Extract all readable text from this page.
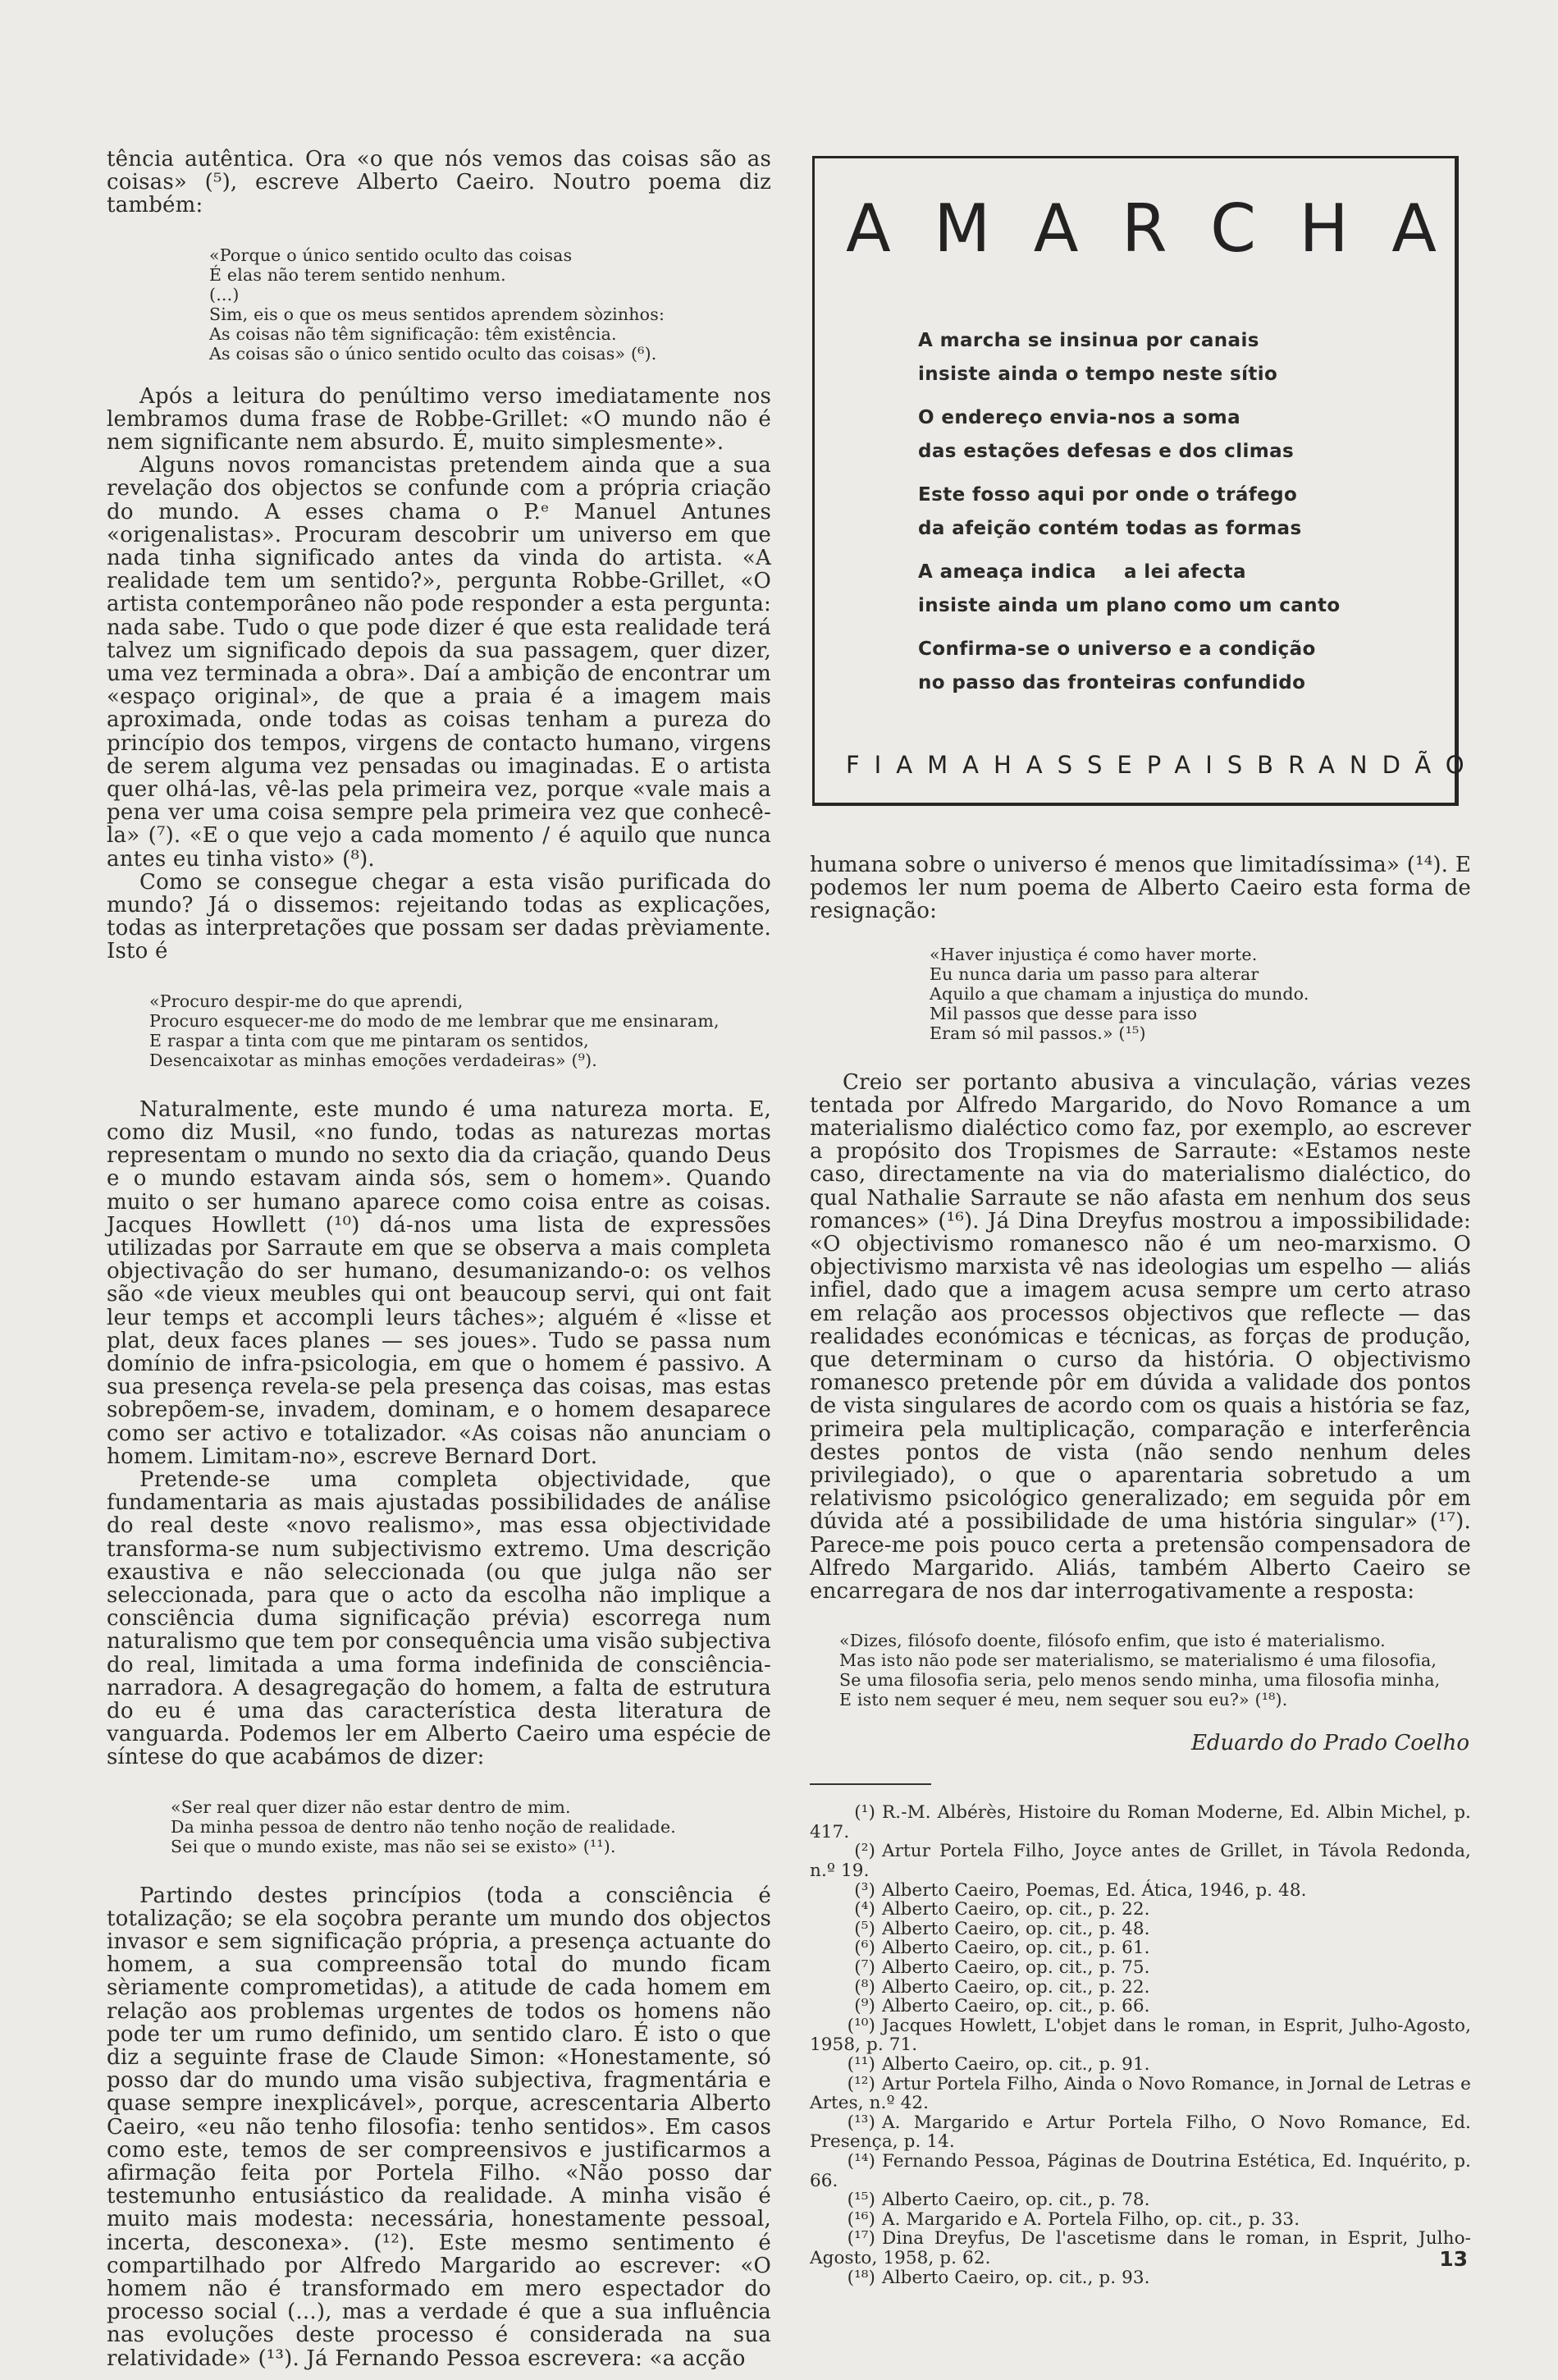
tência autêntica. Ora «o que nós vemos das coisas são as coisas» (⁵), escreve Alberto Caeiro. Noutro poema diz também:

«Porque o único sentido oculto das coisas
É elas não terem sentido nenhum.
(...)
Sim, eis o que os meus sentidos aprendem sòzinhos:
As coisas não têm significação: têm existência.
As coisas são o único sentido oculto das coisas» (⁶).

Após a leitura do penúltimo verso imediatamente nos lembramos duma frase de Robbe-Grillet: «O mundo não é nem significante nem absurdo. É, muito simplesmente».

Alguns novos romancistas pretendem ainda que a sua revelação dos objectos se confunde com a própria criação do mundo. A esses chama o P.ᵉ Manuel Antunes «origenalistas». Procuram descobrir um universo em que nada tinha significado antes da vinda do artista. «A realidade tem um sentido?», pergunta Robbe-Grillet, «O artista contemporâneo não pode responder a esta pergunta: nada sabe. Tudo o que pode dizer é que esta realidade terá talvez um significado depois da sua passagem, quer dizer, uma vez terminada a obra». Daí a ambição de encontrar um «espaço original», de que a praia é a imagem mais aproximada, onde todas as coisas tenham a pureza do princípio dos tempos, virgens de contacto humano, virgens de serem alguma vez pensadas ou imaginadas. E o artista quer olhá-las, vê-las pela primeira vez, porque «vale mais a pena ver uma coisa sempre pela primeira vez que conhecê-la» (⁷). «E o que vejo a cada momento / é aquilo que nunca antes eu tinha visto» (⁸).

Como se consegue chegar a esta visão purificada do mundo? Já o dissemos: rejeitando todas as explicações, todas as interpretações que possam ser dadas prèviamente. Isto é

«Procuro despir-me do que aprendi,
Procuro esquecer-me do modo de me lembrar que me ensinaram,
E raspar a tinta com que me pintaram os sentidos,
Desencaixotar as minhas emoções verdadeiras» (⁹).

Naturalmente, este mundo é uma natureza morta. E, como diz Musil, «no fundo, todas as naturezas mortas representam o mundo no sexto dia da criação, quando Deus e o mundo estavam ainda sós, sem o homem». Quando muito o ser humano aparece como coisa entre as coisas. Jacques Howllett (¹⁰) dá-nos uma lista de expressões utilizadas por Sarraute em que se observa a mais completa objectivação do ser humano, desumanizando-o: os velhos são «de vieux meubles qui ont beaucoup servi, qui ont fait leur temps et accompli leurs tâches»; alguém é «lisse et plat, deux faces planes — ses joues». Tudo se passa num domínio de infra-psicologia, em que o homem é passivo. A sua presença revela-se pela presença das coisas, mas estas sobrepõem-se, invadem, dominam, e o homem desaparece como ser activo e totalizador. «As coisas não anunciam o homem. Limitam-no», escreve Bernard Dort.

Pretende-se uma completa objectividade, que fundamentaria as mais ajustadas possibilidades de análise do real deste «novo realismo», mas essa objectividade transforma-se num subjectivismo extremo. Uma descrição exaustiva e não seleccionada (ou que julga não ser seleccionada, para que o acto da escolha não implique a consciência duma significação prévia) escorrega num naturalismo que tem por consequência uma visão subjectiva do real, limitada a uma forma indefinida de consciência-narradora. A desagregação do homem, a falta de estrutura do eu é uma das característica desta literatura de vanguarda. Podemos ler em Alberto Caeiro uma espécie de síntese do que acabámos de dizer:

«Ser real quer dizer não estar dentro de mim.
Da minha pessoa de dentro não tenho noção de realidade.
Sei que o mundo existe, mas não sei se existo» (¹¹).

Partindo destes princípios (toda a consciência é totalização; se ela soçobra perante um mundo dos objectos invasor e sem significação própria, a presença actuante do homem, a sua compreensão total do mundo ficam sèriamente comprometidas), a atitude de cada homem em relação aos problemas urgentes de todos os homens não pode ter um rumo definido, um sentido claro. É isto o que diz a seguinte frase de Claude Simon: «Honestamente, só posso dar do mundo uma visão subjectiva, fragmentária e quase sempre inexplicável», porque, acrescentaria Alberto Caeiro, «eu não tenho filosofia: tenho sentidos». Em casos como este, temos de ser compreensivos e justificarmos a afirmação feita por Portela Filho. «Não posso dar testemunho entusiástico da realidade. A minha visão é muito mais modesta: necessária, honestamente pessoal, incerta, desconexa». (¹²). Este mesmo sentimento é compartilhado por Alfredo Margarido ao escrever: «O homem não é transformado em mero espectador do processo social (...), mas a verdade é que a sua influência nas evoluções deste processo é considerada na sua relatividade» (¹³). Já Fernando Pessoa escrevera: «a acção

A M A R C H A
A marcha se insinua por canais
insiste ainda o tempo neste sítio
O endereço envia-nos a soma
das estações defesas e dos climas
Este fosso aqui por onde o tráfego
da afeição contém todas as formas
A ameaça indica    a lei afecta
insiste ainda um plano como um canto
Confirma-se o universo e a condição
no passo das fronteiras confundido
FIAMA HASSE PAIS BRANDÃO

humana sobre o universo é menos que limitadíssima» (¹⁴). E podemos ler num poema de Alberto Caeiro esta forma de resignação:

«Haver injustiça é como haver morte.
Eu nunca daria um passo para alterar
Aquilo a que chamam a injustiça do mundo.
Mil passos que desse para isso
Eram só mil passos.» (¹⁵)

Creio ser portanto abusiva a vinculação, várias vezes tentada por Alfredo Margarido, do Novo Romance a um materialismo dialéctico como faz, por exemplo, ao escrever a propósito dos Tropismes de Sarraute: «Estamos neste caso, directamente na via do materialismo dialéctico, do qual Nathalie Sarraute se não afasta em nenhum dos seus romances» (¹⁶). Já Dina Dreyfus mostrou a impossibilidade: «O objectivismo romanesco não é um neo-marxismo. O objectivismo marxista vê nas ideologias um espelho — aliás infiel, dado que a imagem acusa sempre um certo atraso em relação aos processos objectivos que reflecte — das realidades económicas e técnicas, as forças de produção, que determinam o curso da história. O objectivismo romanesco pretende pôr em dúvida a validade dos pontos de vista singulares de acordo com os quais a história se faz, primeira pela multiplicação, comparação e interferência destes pontos de vista (não sendo nenhum deles privilegiado), o que o aparentaria sobretudo a um relativismo psicológico generalizado; em seguida pôr em dúvida até a possibilidade de uma história singular» (¹⁷). Parece-me pois pouco certa a pretensão compensadora de Alfredo Margarido. Aliás, também Alberto Caeiro se encarregara de nos dar interrogativamente a resposta:

«Dizes, filósofo doente, filósofo enfim, que isto é materialismo.
Mas isto não pode ser materialismo, se materialismo é uma filosofia,
Se uma filosofia seria, pelo menos sendo minha, uma filosofia minha,
E isto nem sequer é meu, nem sequer sou eu?» (¹⁸).
Eduardo do Prado Coelho
(¹) R.-M. Albérès, Histoire du Roman Moderne, Ed. Albin Michel, p. 417.
(²) Artur Portela Filho, Joyce antes de Grillet, in Távola Redonda, n.º 19.
(³) Alberto Caeiro, Poemas, Ed. Ática, 1946, p. 48.
(⁴) Alberto Caeiro, op. cit., p. 22.
(⁵) Alberto Caeiro, op. cit., p. 48.
(⁶) Alberto Caeiro, op. cit., p. 61.
(⁷) Alberto Caeiro, op. cit., p. 75.
(⁸) Alberto Caeiro, op. cit., p. 22.
(⁹) Alberto Caeiro, op. cit., p. 66.
(¹⁰) Jacques Howlett, L'objet dans le roman, in Esprit, Julho-Agosto, 1958, p. 71.
(¹¹) Alberto Caeiro, op. cit., p. 91.
(¹²) Artur Portela Filho, Ainda o Novo Romance, in Jornal de Letras e Artes, n.º 42.
(¹³) A. Margarido e Artur Portela Filho, O Novo Romance, Ed. Presença, p. 14.
(¹⁴) Fernando Pessoa, Páginas de Doutrina Estética, Ed. Inquérito, p. 66.
(¹⁵) Alberto Caeiro, op. cit., p. 78.
(¹⁶) A. Margarido e A. Portela Filho, op. cit., p. 33.
(¹⁷) Dina Dreyfus, De l'ascetisme dans le roman, in Esprit, Julho-Agosto, 1958, p. 62.
(¹⁸) Alberto Caeiro, op. cit., p. 93.
13
